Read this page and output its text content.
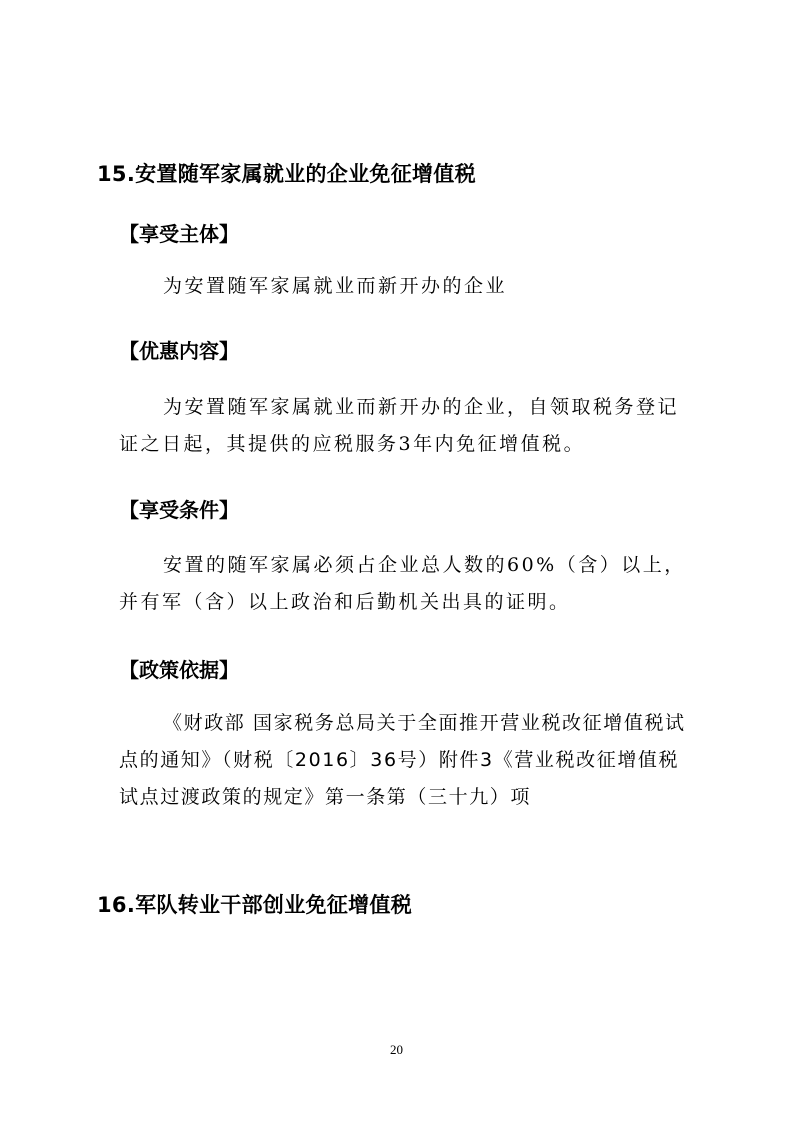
15.安置随军家属就业的企业免征增值税
【享受主体】
为安置随军家属就业而新开办的企业
【优惠内容】
为安置随军家属就业而新开办的企业，自领取税务登记证之日起，其提供的应税服务3年内免征增值税。
【享受条件】
安置的随军家属必须占企业总人数的60%（含）以上，并有军（含）以上政治和后勤机关出具的证明。
【政策依据】
《财政部 国家税务总局关于全面推开营业税改征增值税试点的通知》（财税〔2016〕36号）附件3《营业税改征增值税试点过渡政策的规定》第一条第（三十九）项
16.军队转业干部创业免征增值税
20
